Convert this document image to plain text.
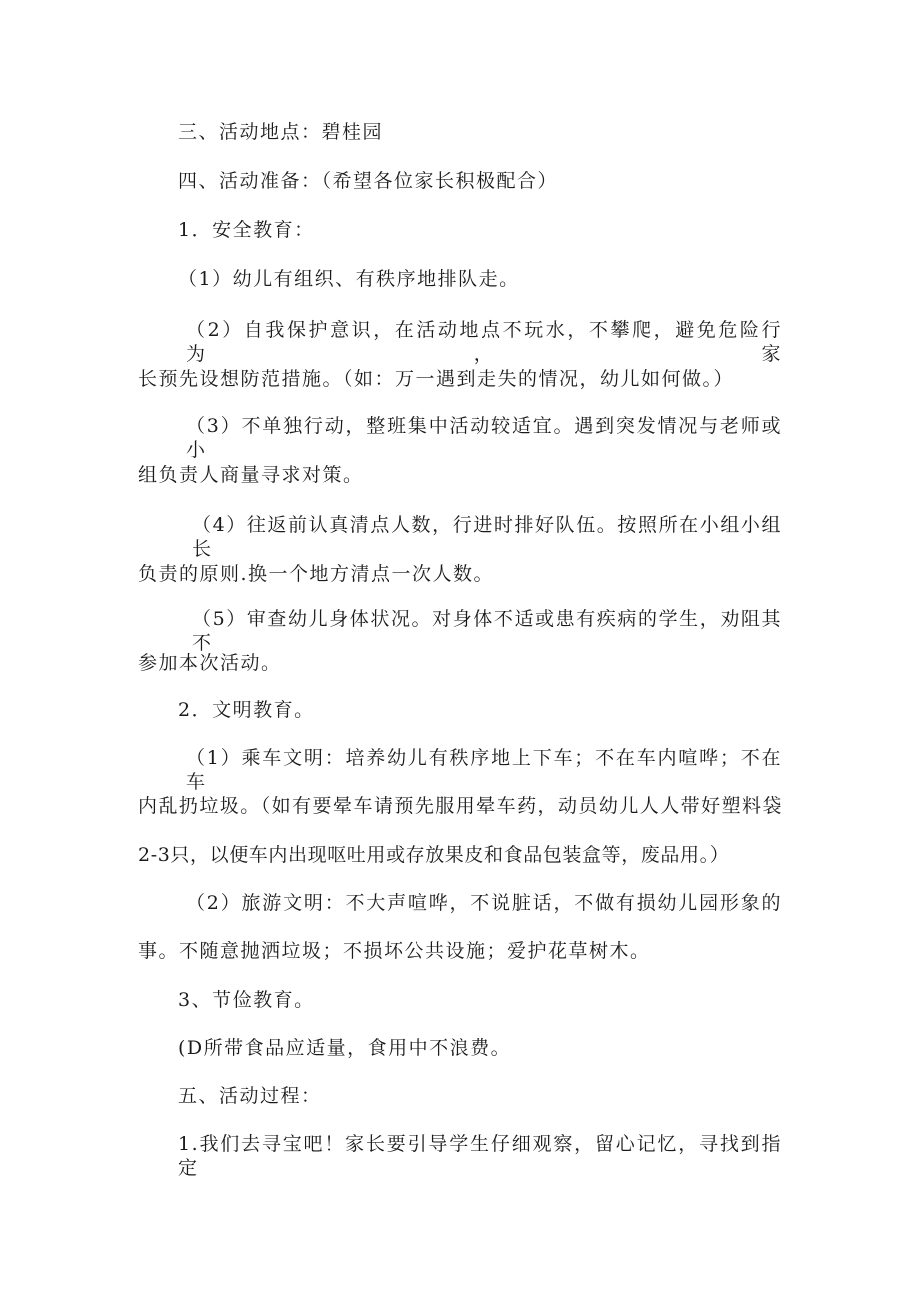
三、活动地点：碧桂园
四、活动准备：（希望各位家长积极配合）
1．安全教育：
（1）幼儿有组织、有秩序地排队走。
（2）自我保护意识，在活动地点不玩水，不攀爬，避免危险行为，家
长预先设想防范措施。（如：万一遇到走失的情况，幼儿如何做。）
（3）不单独行动，整班集中活动较适宜。遇到突发情况与老师或小
组负责人商量寻求对策。
（4）往返前认真清点人数，行进时排好队伍。按照所在小组小组长
负责的原则.换一个地方清点一次人数。
（5）审查幼儿身体状况。对身体不适或患有疾病的学生，劝阻其不
参加本次活动。
2．文明教育。
（1）乘车文明：培养幼儿有秩序地上下车；不在车内喧哗；不在车
内乱扔垃圾。（如有要晕车请预先服用晕车药，动员幼儿人人带好塑料袋
2-3只，以便车内出现呕吐用或存放果皮和食品包装盒等，废品用。）
（2）旅游文明：不大声喧哗，不说脏话，不做有损幼儿园形象的
事。不随意抛洒垃圾；不损坏公共设施；爱护花草树木。
3、节俭教育。
(D所带食品应适量，食用中不浪费。
五、活动过程：
1.我们去寻宝吧！家长要引导学生仔细观察，留心记忆，寻找到指定
